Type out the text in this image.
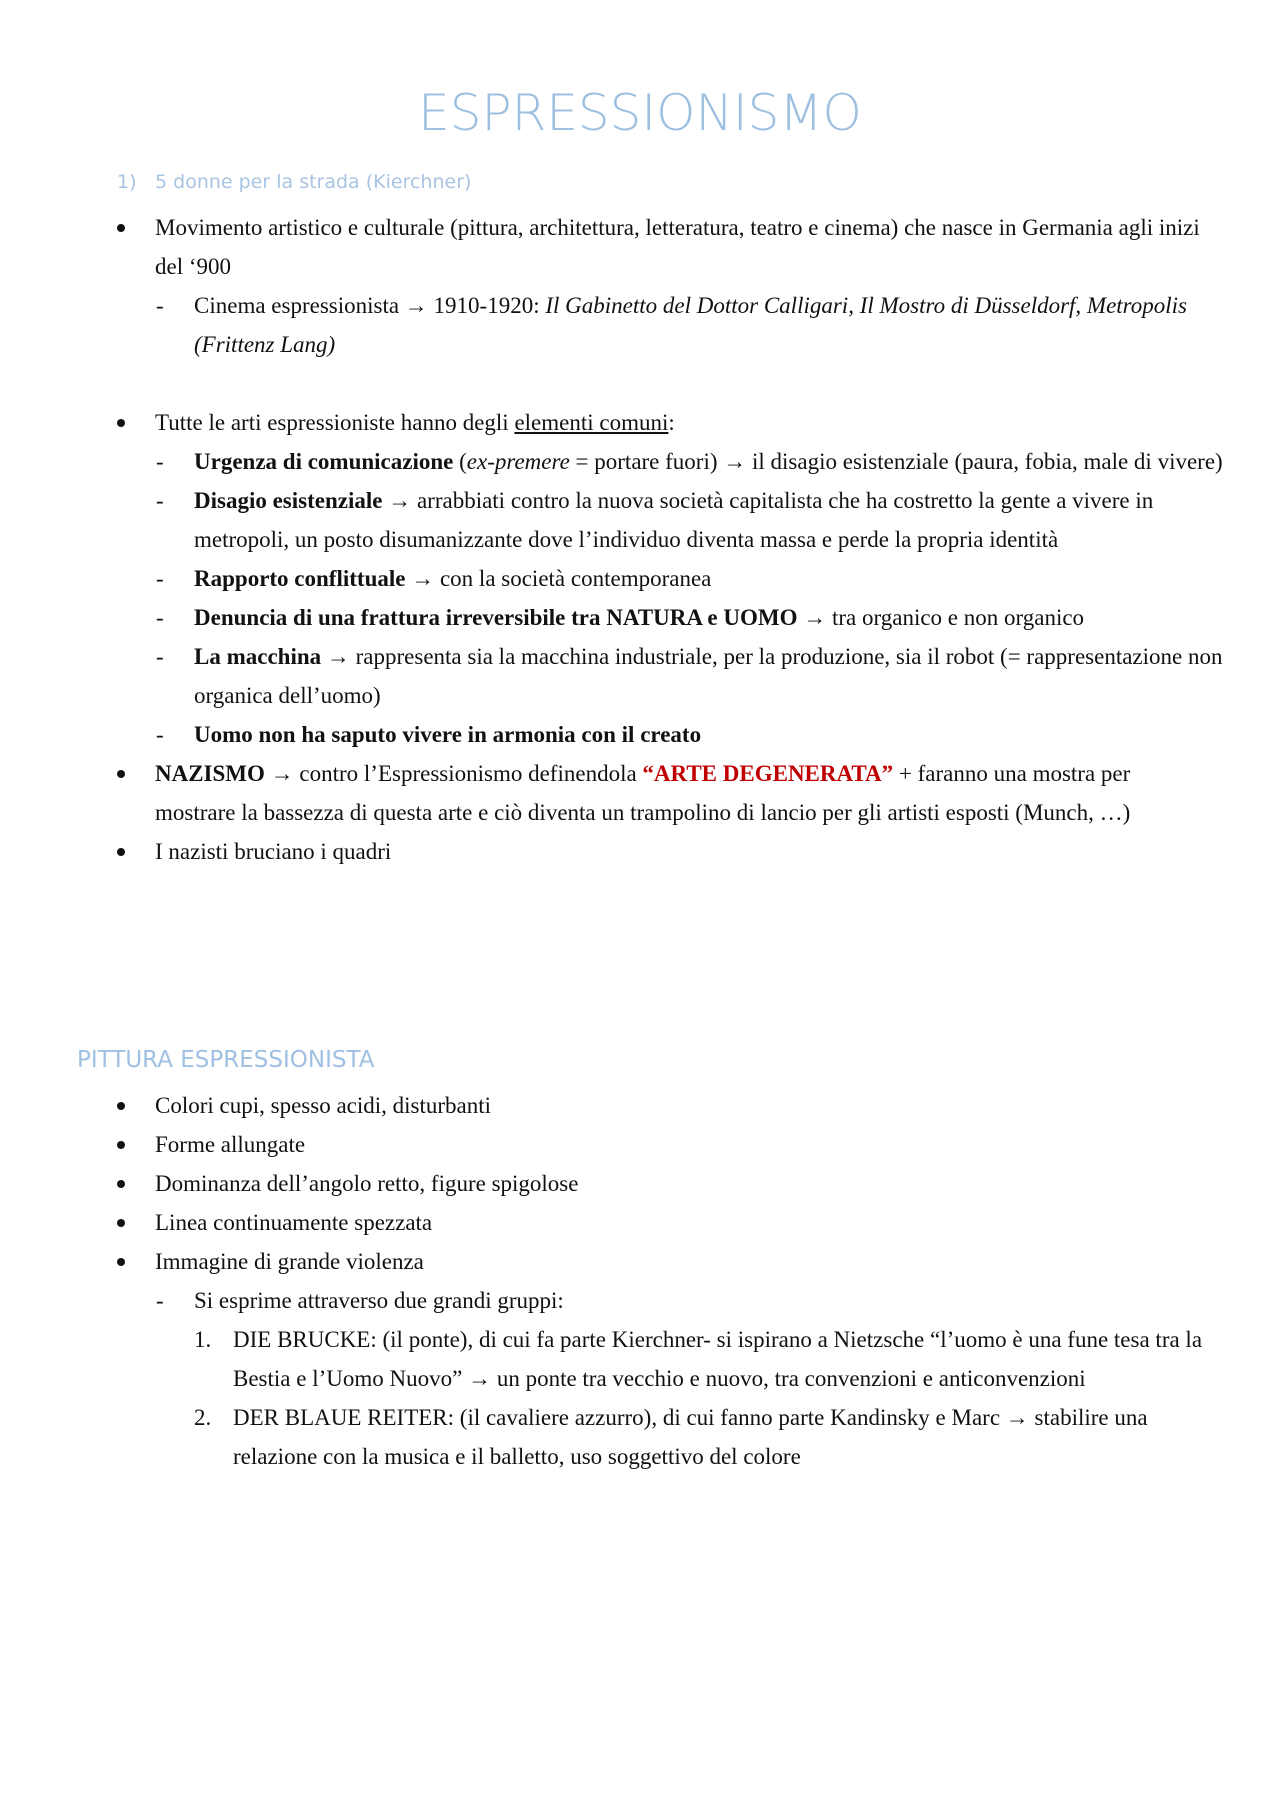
ESPRESSIONISMO
1) 5 donne per la strada (Kierchner)
Movimento artistico e culturale (pittura, architettura, letteratura, teatro e cinema) che nasce in Germania agli inizi del ‘900
- Cinema espressionista → 1910-1920: Il Gabinetto del Dottor Calligari, Il Mostro di Düsseldorf, Metropolis (Frittenz Lang)
Tutte le arti espressioniste hanno degli elementi comuni:
- Urgenza di comunicazione (ex-premere = portare fuori) → il disagio esistenziale (paura, fobia, male di vivere)
- Disagio esistenziale → arrabbiati contro la nuova società capitalista che ha costretto la gente a vivere in metropoli, un posto disumanizzante dove l’individuo diventa massa e perde la propria identità
- Rapporto conflittuale → con la società contemporanea
- Denuncia di una frattura irreversibile tra NATURA e UOMO → tra organico e non organico
- La macchina → rappresenta sia la macchina industriale, per la produzione, sia il robot (= rappresentazione non organica dell’uomo)
- Uomo non ha saputo vivere in armonia con il creato
NAZISMO → contro l’Espressionismo definendola “ARTE DEGENERATA” + faranno una mostra per mostrare la bassezza di questa arte e ciò diventa un trampolino di lancio per gli artisti esposti (Munch, …)
I nazisti bruciano i quadri
PITTURA ESPRESSIONISTA
Colori cupi, spesso acidi, disturbanti
Forme allungate
Dominanza dell’angolo retto, figure spigolose
Linea continuamente spezzata
Immagine di grande violenza
- Si esprime attraverso due grandi gruppi:
1. DIE BRUCKE: (il ponte), di cui fa parte Kierchner- si ispirano a Nietzsche “l’uomo è una fune tesa tra la Bestia e l’Uomo Nuovo” → un ponte tra vecchio e nuovo, tra convenzioni e anticonvenzioni
2. DER BLAUE REITER: (il cavaliere azzurro), di cui fanno parte Kandinsky e Marc → stabilire una relazione con la musica e il balletto, uso soggettivo del colore
